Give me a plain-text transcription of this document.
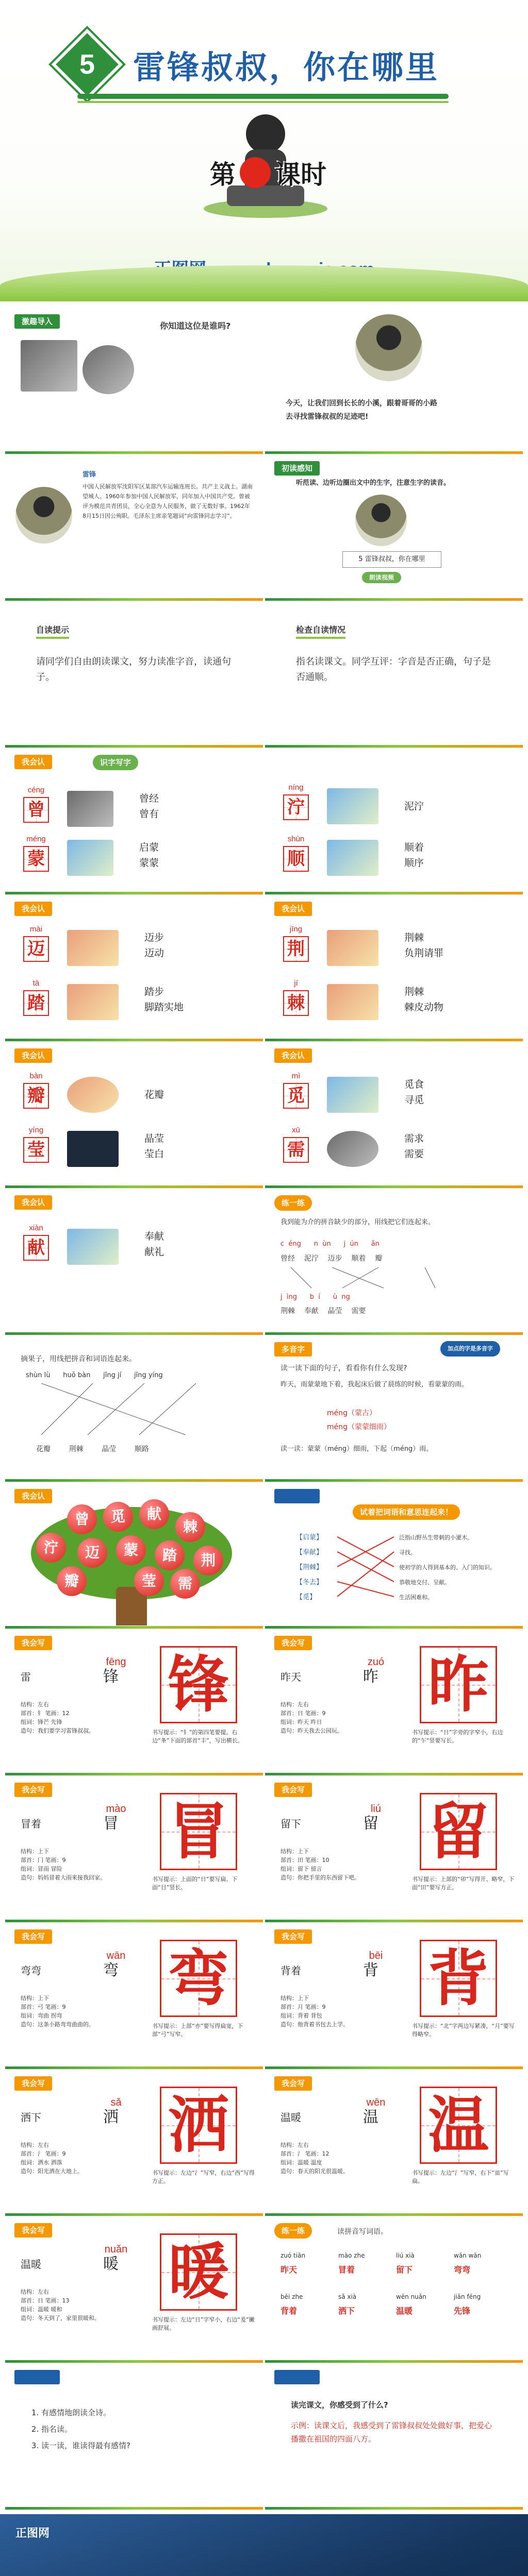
5 雷锋叔叔，你在哪里
第 课时
激趣导入	你知道这位是谁吗?
今天，让我们回到长长的小溪，跟着哥哥的小路
去寻找雷锋叔叔的足迹吧!
雷锋
中国人民解放军沈阳军区某部汽车运输连班长。共产主义战士。湖南望城人。1960年参加中国人民解放军，同年加入中国共产党。曾被评为模范共青团员，全心全意为人民服务，做了无数好事。1962年8月15日因公殉职。毛泽东主席亲笔题词“向雷锋同志学习”。
初读感知
听范读、边听边圈出文中的生字，注意生字的读音。
5 雷锋叔叔，你在哪里
朗读视频
自读提示
请同学们自由朗读课文，努力读准字音，读通句子。
检查自读情况
指名读课文。同学互评：字音是否正确，句子是否通顺。
我会认	识字写字
céng
曾
曾经
曾有
méng
蒙
启蒙
蒙蒙
níng
泞	泥泞
shùn
顺
顺着
顺序
我会认
mài
迈
迈步
迈动
tà
踏
踏步
脚踏实地
我会认
jīng
荆
荆棘
负荆请罪
jí
棘
荆棘
棘皮动物
我会认
bàn
瓣	花瓣
yíng
莹
晶莹
莹白
我会认
mì
觅
觅食
寻觅
xū
需
需求
需要
我会认
xiàn
献
奉献
献礼
练一练
我到能为介的拼音缺少的部分，用线把它们连起来。
c éng n ùn j ún ǎn
曾经 泥泞 迈步 顺着 瓣
j ìng b í ù ng
荆棘 奉献 晶莹 需要
摘果子，用线把拼音和词语连起来。
shùn lù huǒ bàn jīng jí jīng yíng
花瓣	荆棘	晶莹	顺路
多音字	加点的字是多音字
读一读下面的句子，看看你有什么发现?
昨天，雨蒙蒙地下着，我起床后做了晨练的时候，看蒙蒙的雨。
méng（蒙古）
méng（蒙蒙细雨）
读一读：蒙蒙（méng）细雨，下起（méng）雨。
我会认
曾	觅	献
棘
泞	迈	蒙	踏	荆
瓣	莹	需
理解词语
试着把词语和意思连起来！
【启蒙】
【奉献】
【荆棘】
【冬去】
【觅】
泛指山野丛生带刺的小灌木。
寻找。
使初学的人得到基本的、入门的知识。
恭敬地交付、呈献。
生活困难和。
我会写
雷
fēng
锋 锋
结构：左右
部首：钅 笔画：12
组词：锋芒 先锋
造句：我们要学习雷锋叔叔。	书写提示：“钅”的第四笔要提。右边“夆”下面的部首“丰”，写出横长。
我会写
昨天
zuó
昨 昨
结构：左右
部首：日 笔画：9
组词：昨天 昨日
造句：昨天我去公园玩。	书写提示：“日”字旁的字窄小，右边的“乍”竖要写长。
我会写
冒着
mào
冒 冒
结构：上下
部首：冂 笔画：9
组词：冒雨 冒险
造句：妈妈冒着大雨来接我回家。	书写提示：上面的“日”要写扁。下面“目”竖长。
我会写
留下
liú
留 留
结构：上下
部首：田 笔画：10
组词：留下 留言
造句：你把手里的东西留下吧。	书写提示：上部的“卯”写得开、略窄，下面“田”要写方正。
我会写
弯弯
wān
弯 弯
结构：上下
部首：弓 笔画：9
组词：弯曲 拐弯
造句：这条小路弯弯曲曲的。	书写提示：上部“亦”要写得扁宽，下部“弓”写窄。
我会写
背着
bēi
背 背
结构：上下
部首：月 笔画：9
组词：背着 背包
造句：他背着书包去上学。	书写提示：“北”字两边写紧凑，“月”要写得略窄。
我会写
洒下
sǎ
洒 洒
结构：左右
部首：氵 笔画：9
组词：洒水 洒落
造句：阳光洒在大地上。	书写提示：左边“氵”写窄，右边“西”写得方正。
我会写
温暖
wēn
温 温
结构：左右
部首：氵 笔画：12
组词：温暖 温度
造句：春天的阳光很温暖。	书写提示：左边“氵”写窄，右下“皿”写扁。
我会写
温暖
nuǎn
暖 暖
结构：左右
部首：日 笔画：13
组词：温暖 暖和
造句：冬天到了，家里很暖和。	书写提示：左边“日”字窄小，右边“爰”撇画舒展。
练一练	读拼音写词语。
zuó tiān	mào zhe	liú xià	wān wān
昨天	冒着	留下	弯弯
bēi zhe	sǎ xià	wēn nuǎn	jiān fēng
背着	洒下	温暖	先锋
指导朗读
1. 有感情地朗读全诗。
2. 指名读。
3. 读一读，谁读得最有感情?
本课小结
读完课文，你感受到了什么?
示例：读课文后，我感受到了雷锋叔叔处处做好事，把爱心播撒在祖国的四面八方。
正图网
